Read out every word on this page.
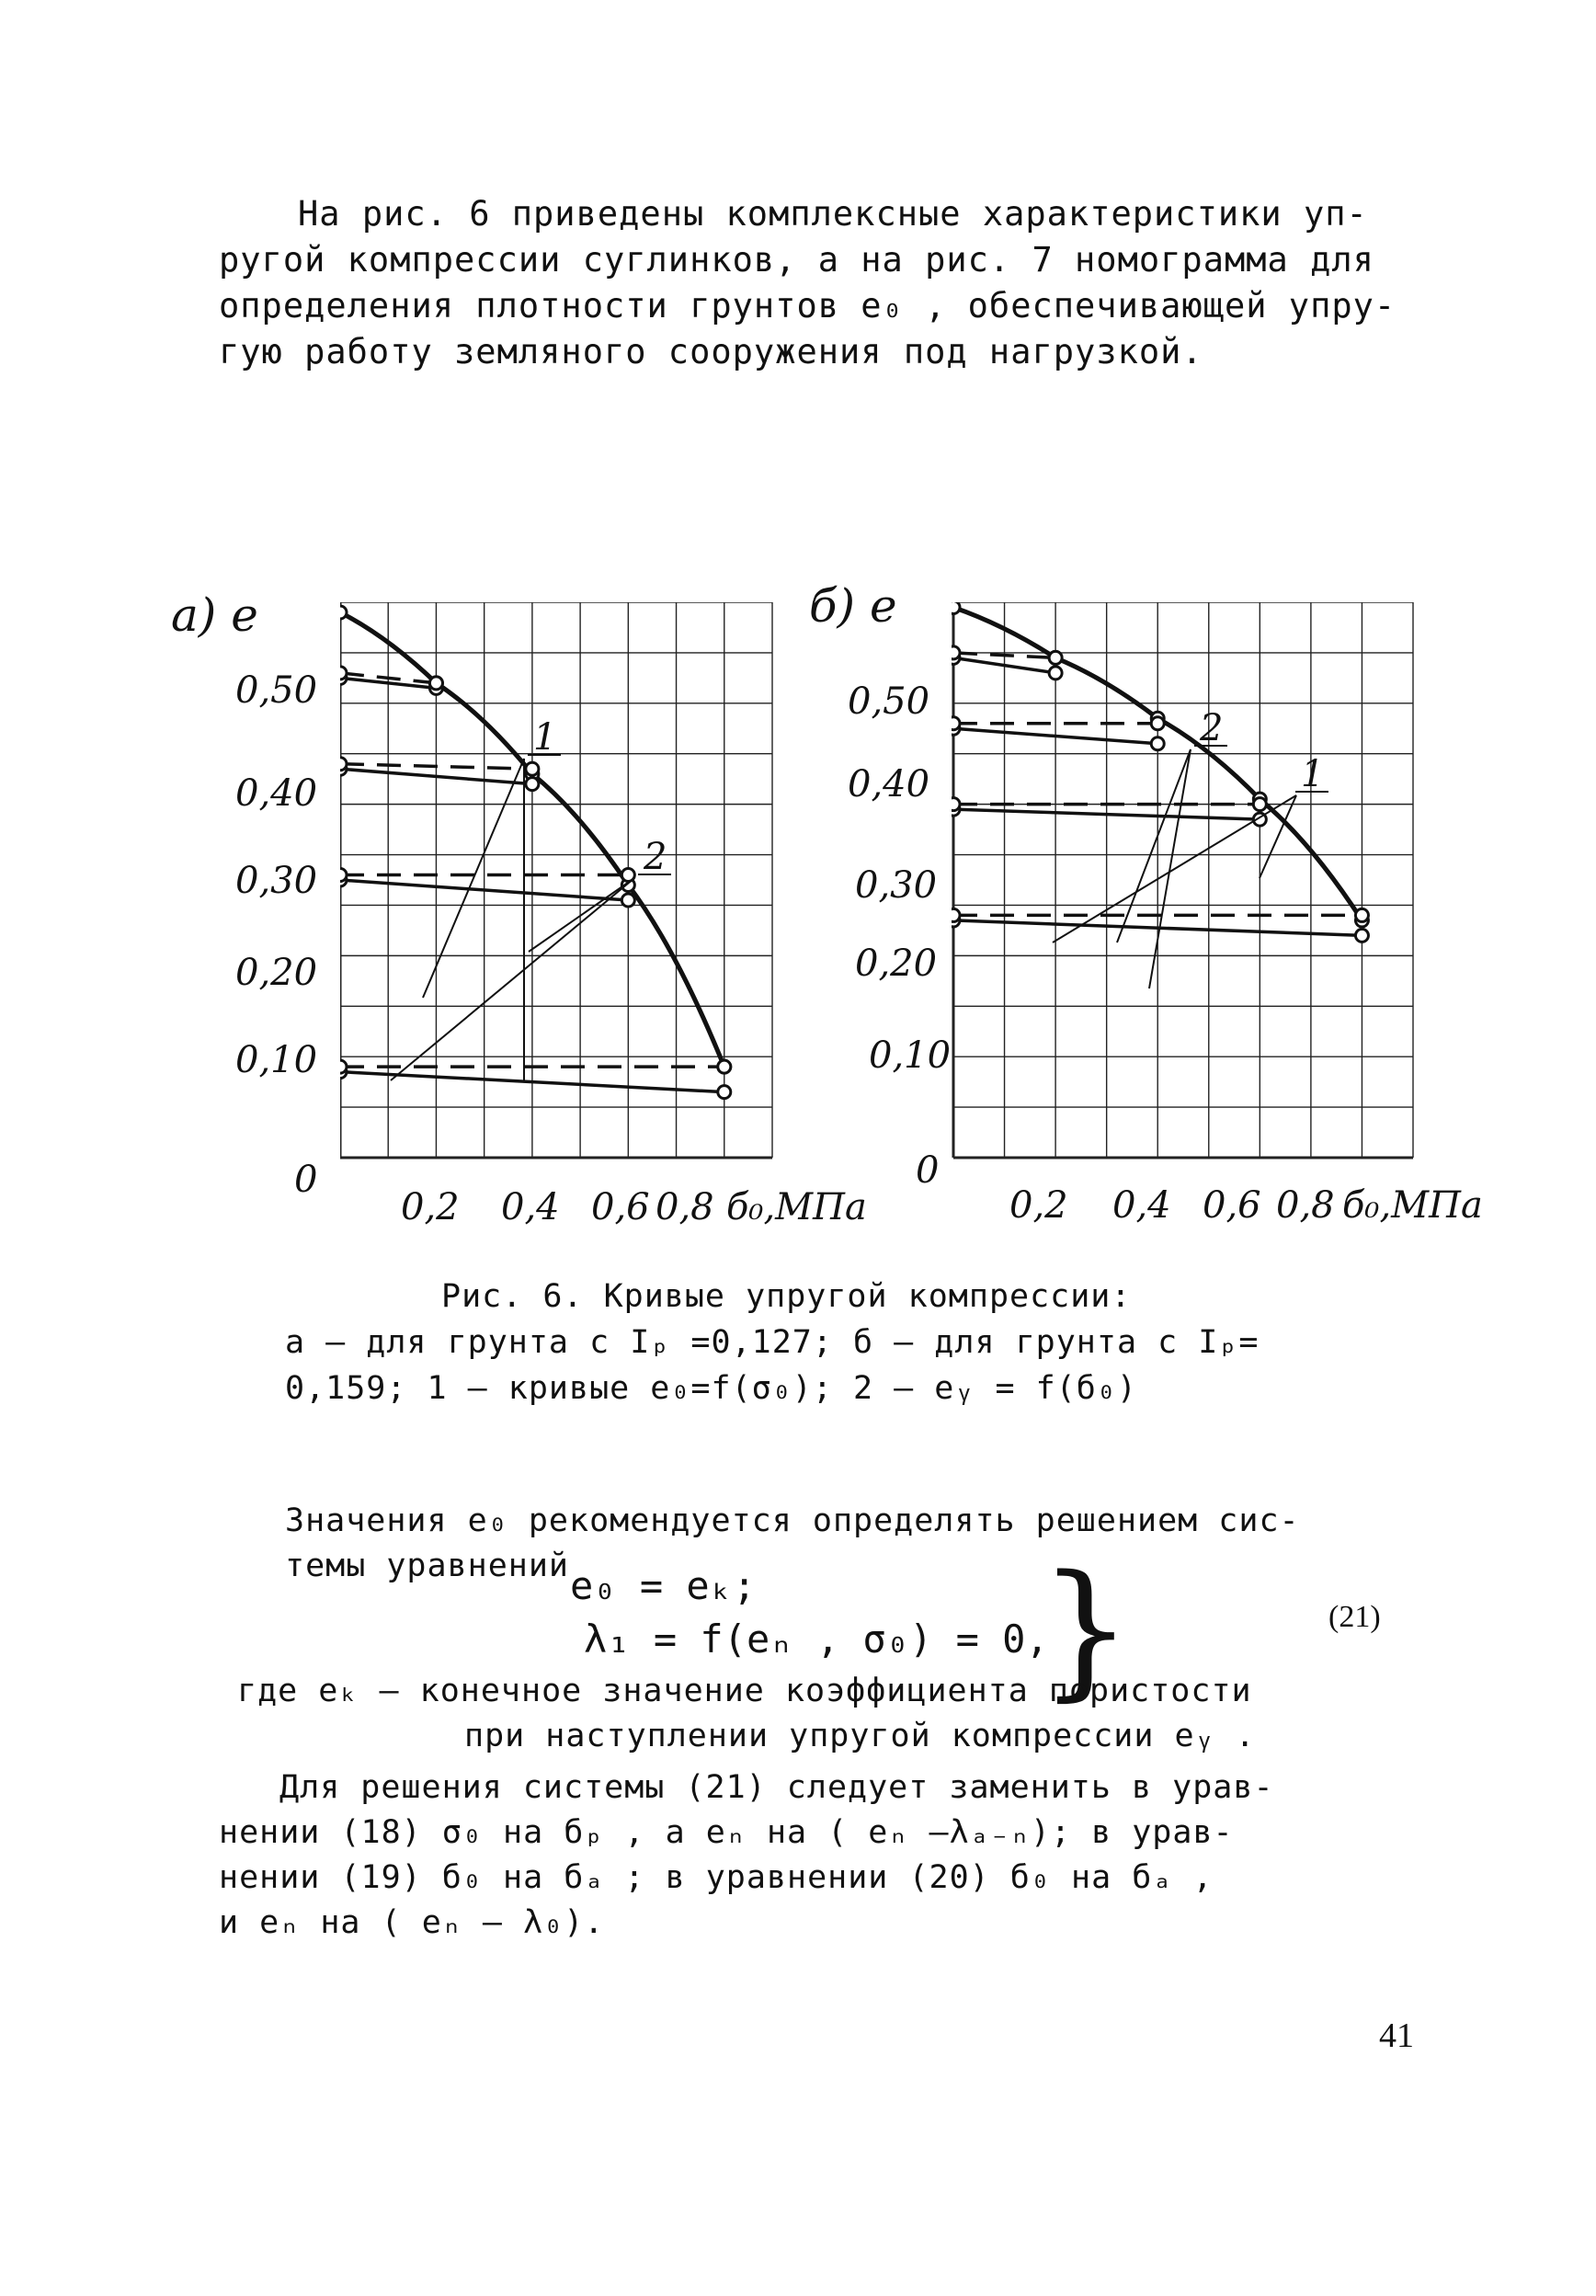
На рис. 6 приведены комплексные характеристики уп-
ругой компрессии суглинков, а на рис. 7 номограмма для
определения плотности грунтов e₀ , обеспечивающей упру-
гую работу земляного сооружения под нагрузкой.
а) e
0,50
0,40
0,30
0,20
0,10
0
0,2 0,4 0,6 0,8 б₀,МПа
б) e
0,50
0,40
0,30
0,20
0,10
0
0,2 0,4 0,6 0,8 б₀,МПа
1
2
2
1
Рис. 6. Кривые упругой компрессии:
а – для грунта с Iₚ =0,127; б – для грунта с Iₚ=
0,159; 1 – кривые e₀=f(σ₀); 2 – eᵧ = f(б₀)
Значения e₀ рекомендуется определять решением сис-
темы уравнений e₀ = eₖ;
λ₁ = f(eₙ , σ₀) = 0,
}	(21)
где eₖ – конечное значение коэффициента пористости
при наступлении упругой компрессии eᵧ .
Для решения системы (21) следует заменить в урав-
нении (18) σ₀ на бₚ , а eₙ на ( eₙ –λₐ₋ₙ); в урав-
нении (19) б₀ на бₐ ; в уравнении (20) б₀ на бₐ ,
и eₙ на ( eₙ – λ₀).
41
